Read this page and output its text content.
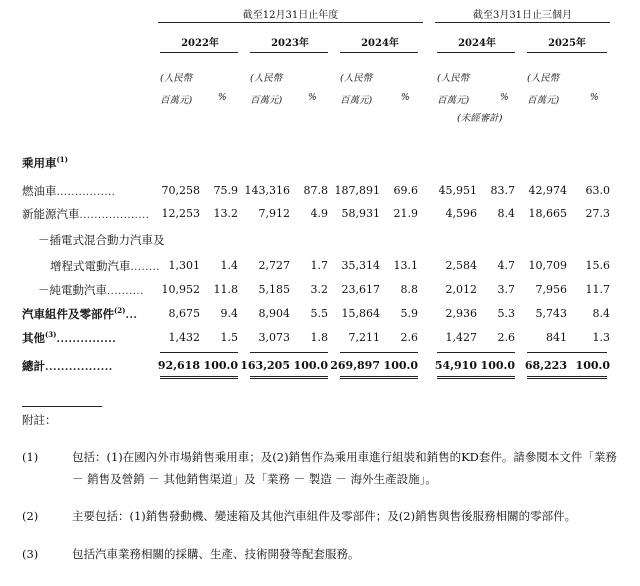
截至12月31日止年度	截至3月31日止三個月
2022年	2023年	2024年	2024年	2025年
(人民幣
百萬元)	%
(人民幣
百萬元)	%
(人民幣
百萬元)	%
(人民幣
百萬元)	%
(未經審計)
(人民幣
百萬元)	%
乘用車$^{(1)}$
燃油車................	70,258	75.9 143,316	87.8 187,891	69.6	45,951	83.7	42,974	63.0
新能源汽車...................	12,253	13.2	7,912	4.9	58,931	21.9	4,596	8.4	18,665	27.3
－插電式混合動力汽車及
增程式電動汽車........ 1,301	1.4	2,727	1.7	35,314	13.1	2,584	4.7	10,709	15.6
－純電動汽車..........	10,952	11.8	5,185	3.2	23,617	8.8	2,012	3.7	7,956	11.7
汽車組件及零部件$^{(2)}$...	8,675	9.4	8,904	5.5	15,864	5.9	2,936	5.3	5,743	8.4
其他$^{(3)}$...............	1,432	1.5	3,073	1.8	7,211	2.6	1,427	2.6	841	1.3
總計.................	92,618 100.0 163,205 100.0 269,897 100.0	54,910 100.0 68,223 100.0
附註：
(1)	包括：(1)在國內外市場銷售乘用車；及(2)銷售作為乘用車進行組裝和銷售的KD套件。請參閱本文件「業務 － 銷售及營銷 － 其他銷售渠道」及「業務 － 製造 － 海外生產設施」。
(2)	主要包括：(1)銷售發動機、變速箱及其他汽車組件及零部件；及(2)銷售與售後服務相關的零部件。
(3)	包括汽車業務相關的採購、生產、技術開發等配套服務。
